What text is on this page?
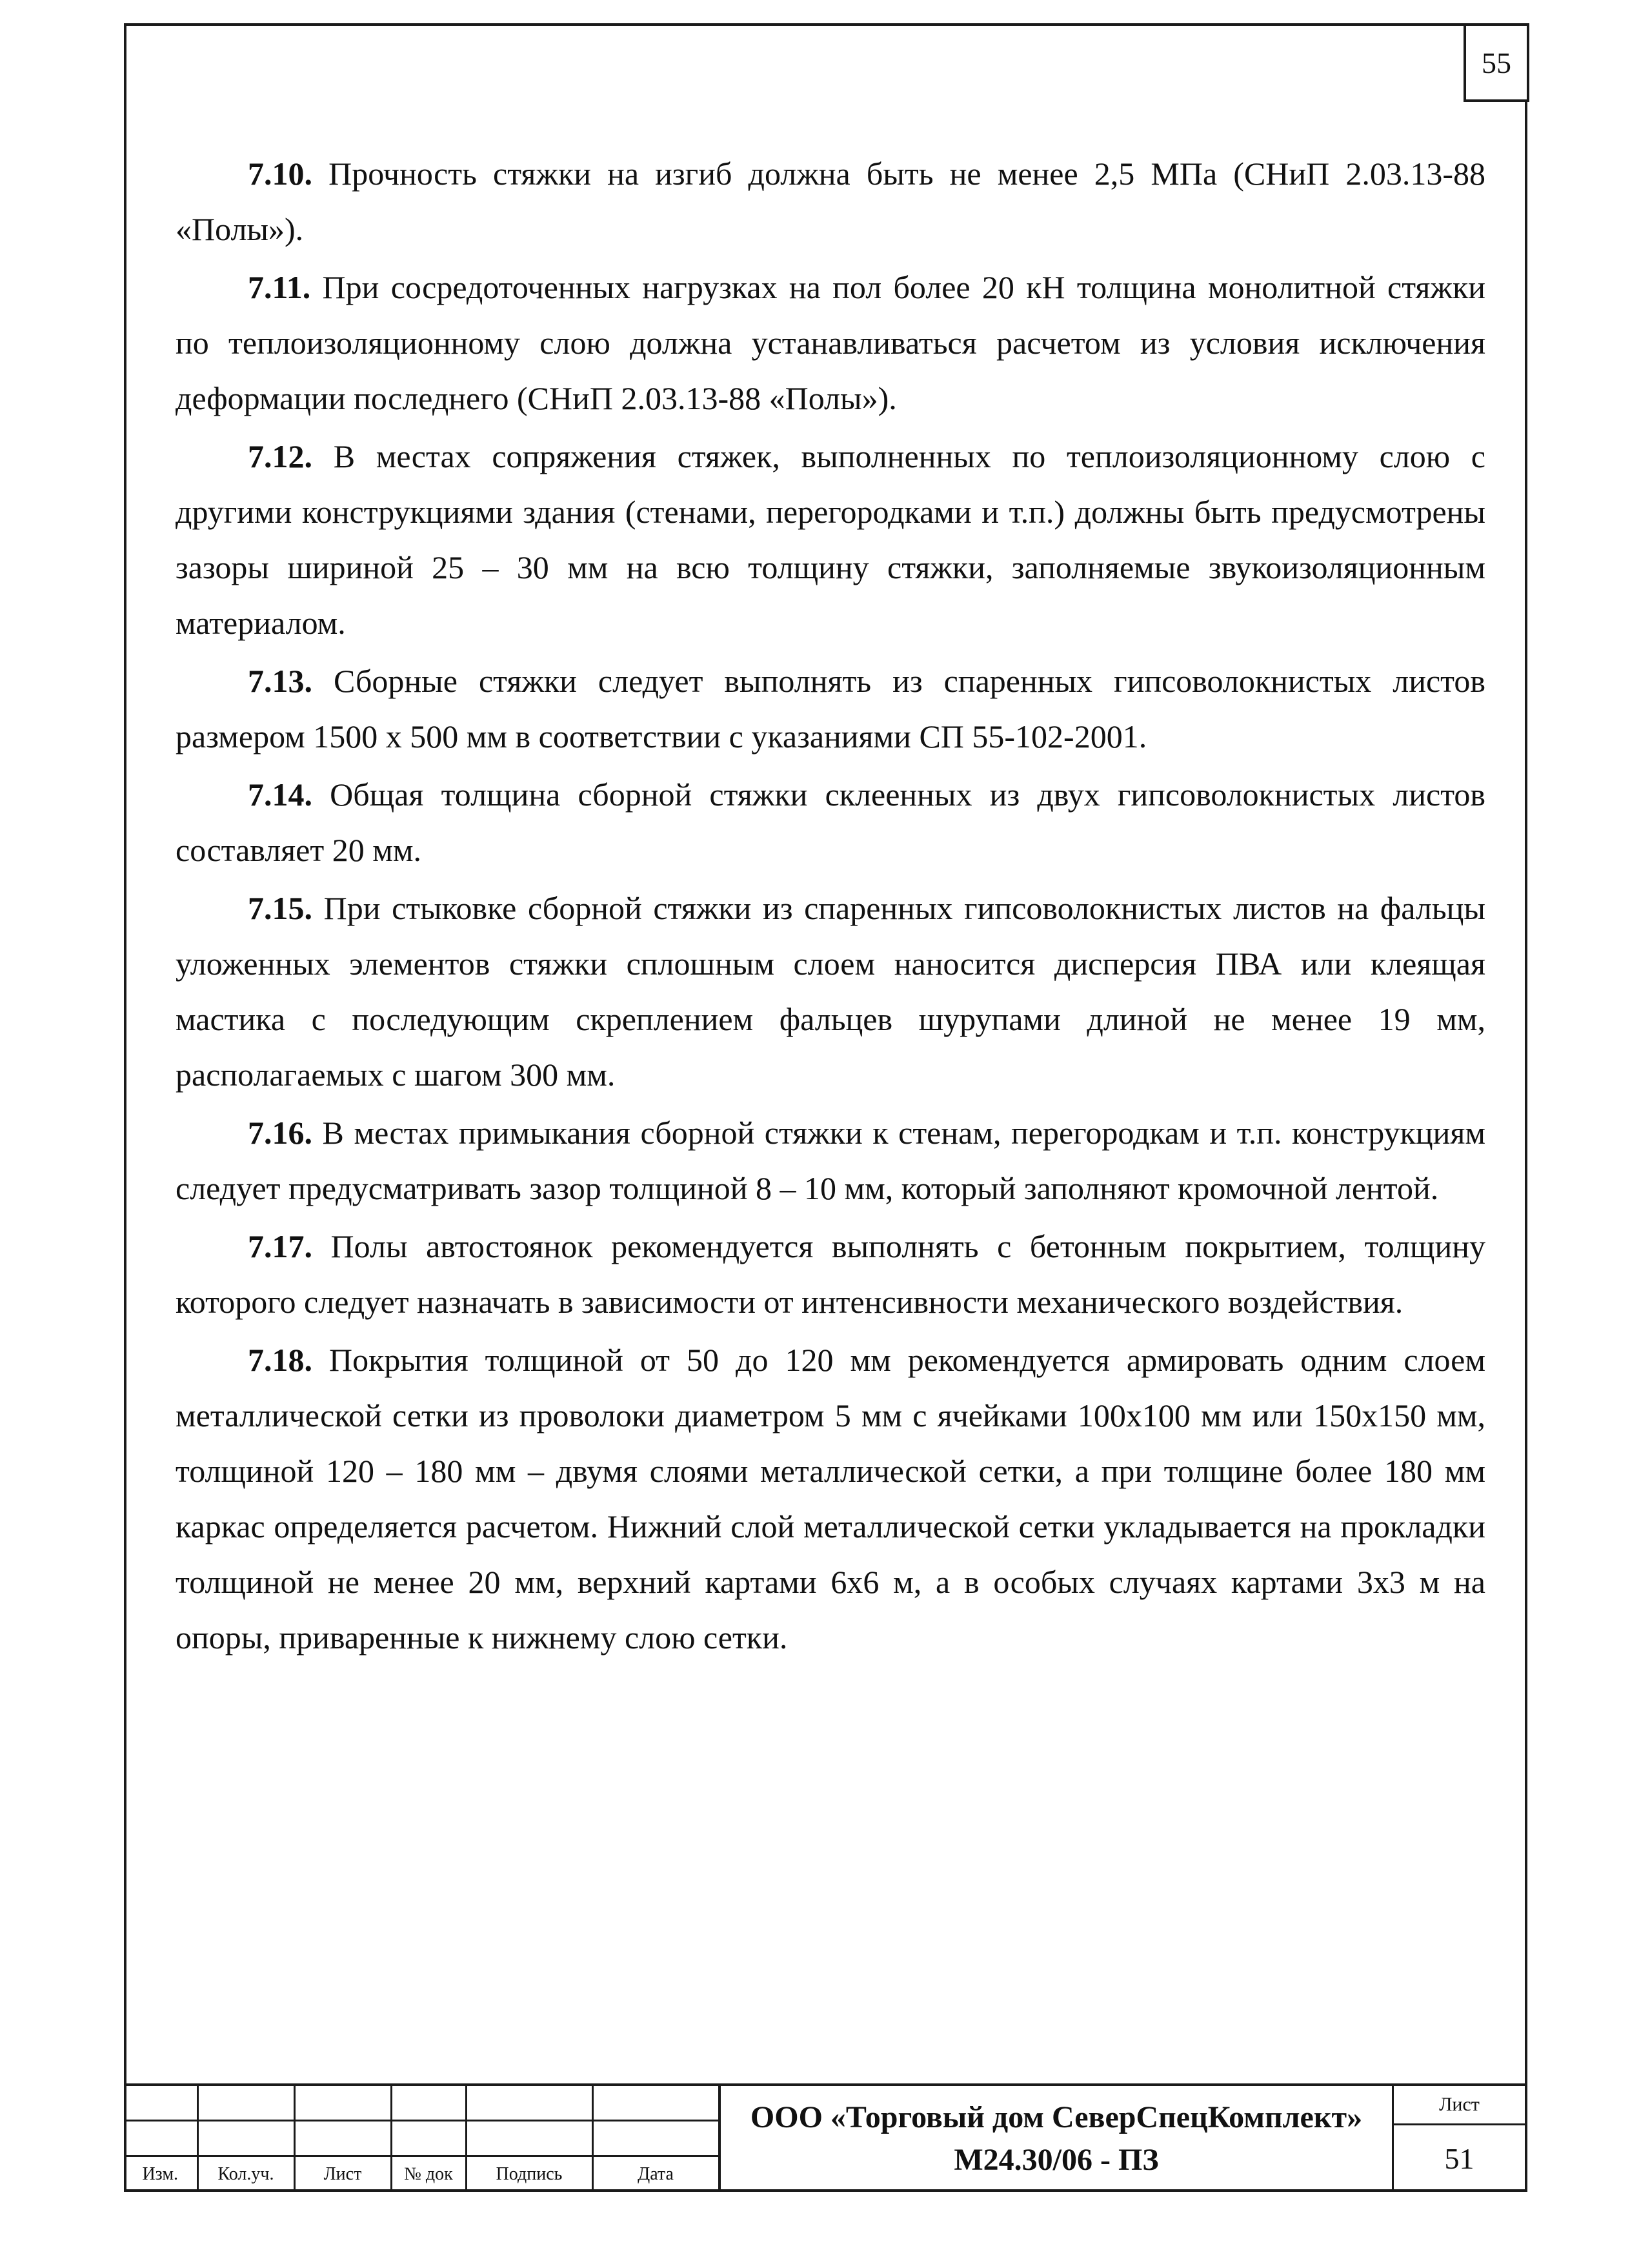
55

7.10. Прочность стяжки на изгиб должна быть не менее 2,5 МПа (СНиП 2.03.13-88 «Полы»).

7.11. При сосредоточенных нагрузках на пол более 20 кН толщина монолитной стяжки по теплоизоляционному слою должна устанавливаться расчетом из условия исключения деформации последнего (СНиП 2.03.13-88 «Полы»).

7.12. В местах сопряжения стяжек, выполненных по теплоизоляционному слою с другими конструкциями здания (стенами, перегородками и т.п.) должны быть предусмотрены зазоры шириной 25 – 30 мм на всю толщину стяжки, заполняемые звукоизоляционным материалом.

7.13. Сборные стяжки следует выполнять из спаренных гипсоволокнистых листов размером 1500 х 500 мм в соответствии с указаниями СП 55-102-2001.

7.14. Общая толщина сборной стяжки склеенных из двух гипсоволокнистых листов составляет 20 мм.

7.15. При стыковке сборной стяжки из спаренных гипсоволокнистых листов на фальцы уложенных элементов стяжки сплошным слоем наносится дисперсия ПВА или клеящая мастика с последующим скреплением фальцев шурупами длиной не менее 19 мм, располагаемых с шагом 300 мм.

7.16. В местах примыкания сборной стяжки к стенам, перегородкам и т.п. конструкциям следует предусматривать зазор толщиной 8 – 10 мм, который заполняют кромочной лентой.

7.17. Полы автостоянок рекомендуется выполнять с бетонным покрытием, толщину которого следует назначать в зависимости от интенсивности механического воздействия.

7.18. Покрытия толщиной от 50 до 120 мм рекомендуется армировать одним слоем металлической сетки из проволоки диаметром 5 мм с ячейками 100х100 мм или 150х150 мм, толщиной 120 – 180 мм – двумя слоями металлической сетки, а при толщине более 180 мм каркас определяется расчетом. Нижний слой металлической сетки укладывается на прокладки толщиной не менее 20 мм, верхний картами 6х6 м, а в особых случаях картами 3х3 м на опоры, приваренные к нижнему слою сетки.

Изм.	Кол.уч.	Лист	№ док	Подпись	Дата
ООО «Торговый дом СеверСпецКомплект»
М24.30/06 - ПЗ
Лист
51
